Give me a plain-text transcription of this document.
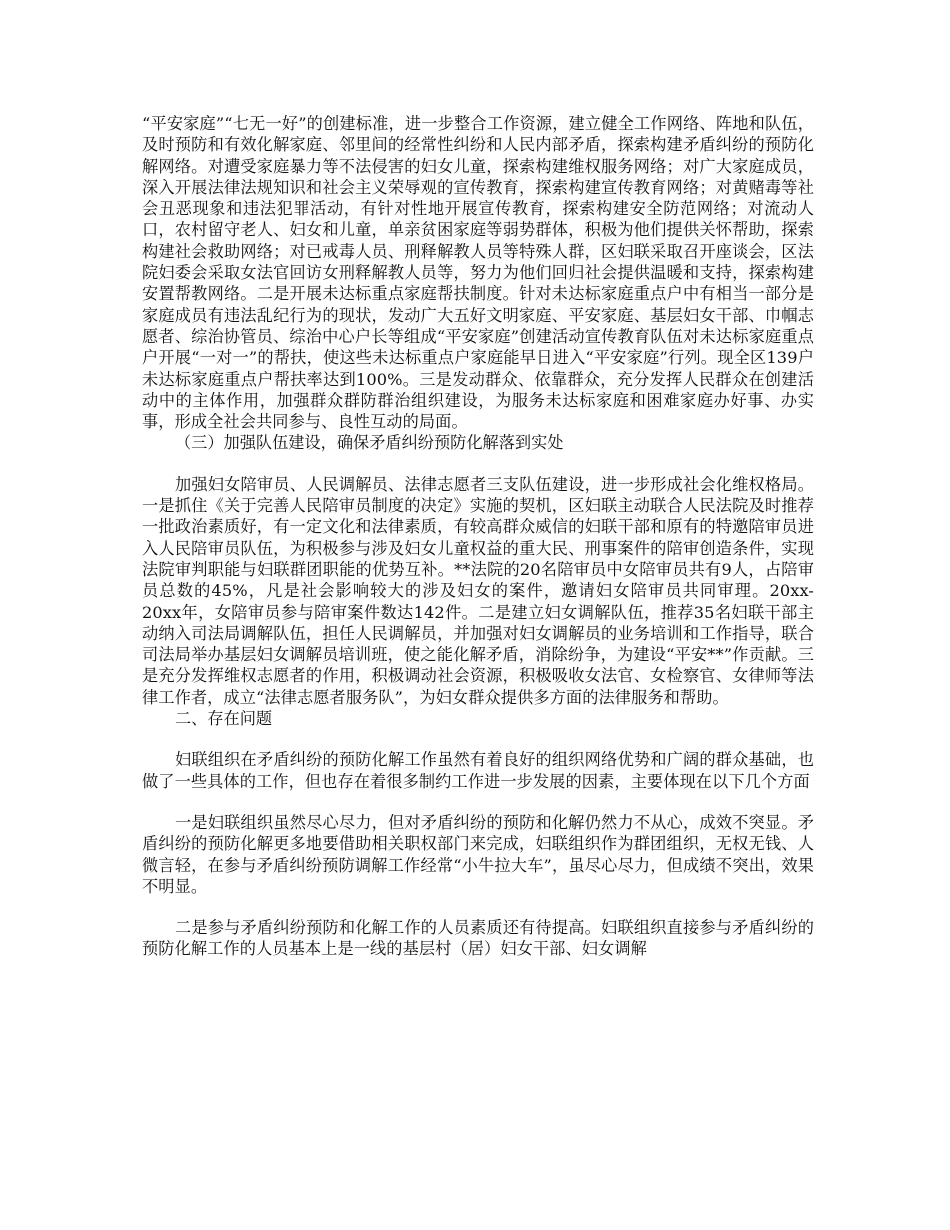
“平安家庭”“七无一好”的创建标准，进一步整合工作资源，建立健全工作网络、阵地和队伍，及时预防和有效化解家庭、邻里间的经常性纠纷和人民内部矛盾，探索构建矛盾纠纷的预防化解网络。对遭受家庭暴力等不法侵害的妇女儿童，探索构建维权服务网络；对广大家庭成员，深入开展法律法规知识和社会主义荣辱观的宣传教育，探索构建宣传教育网络；对黄赌毒等社会丑恶现象和违法犯罪活动，有针对性地开展宣传教育，探索构建安全防范网络；对流动人口，农村留守老人、妇女和儿童，单亲贫困家庭等弱势群体，积极为他们提供关怀帮助，探索构建社会救助网络；对已戒毒人员、刑释解教人员等特殊人群，区妇联采取召开座谈会，区法院妇委会采取女法官回访女刑释解教人员等，努力为他们回归社会提供温暖和支持，探索构建安置帮教网络。二是开展未达标重点家庭帮扶制度。针对未达标家庭重点户中有相当一部分是家庭成员有违法乱纪行为的现状，发动广大五好文明家庭、平安家庭、基层妇女干部、巾帼志愿者、综治协管员、综治中心户长等组成“平安家庭”创建活动宣传教育队伍对未达标家庭重点户开展“一对一”的帮扶，使这些未达标重点户家庭能早日进入“平安家庭”行列。现全区139户未达标家庭重点户帮扶率达到100%。三是发动群众、依靠群众，充分发挥人民群众在创建活动中的主体作用，加强群众群防群治组织建设，为服务未达标家庭和困难家庭办好事、办实事，形成全社会共同参与、良性互动的局面。

（三）加强队伍建设，确保矛盾纠纷预防化解落到实处

加强妇女陪审员、人民调解员、法律志愿者三支队伍建设，进一步形成社会化维权格局。一是抓住《关于完善人民陪审员制度的决定》实施的契机，区妇联主动联合人民法院及时推荐一批政治素质好，有一定文化和法律素质，有较高群众威信的妇联干部和原有的特邀陪审员进入人民陪审员队伍，为积极参与涉及妇女儿童权益的重大民、刑事案件的陪审创造条件，实现法院审判职能与妇联群团职能的优势互补。**法院的20名陪审员中女陪审员共有9人，占陪审员总数的45%，凡是社会影响较大的涉及妇女的案件，邀请妇女陪审员共同审理。20xx-20xx年，女陪审员参与陪审案件数达142件。二是建立妇女调解队伍，推荐35名妇联干部主动纳入司法局调解队伍，担任人民调解员，并加强对妇女调解员的业务培训和工作指导，联合司法局举办基层妇女调解员培训班，使之能化解矛盾，消除纷争，为建设“平安**”作贡献。三是充分发挥维权志愿者的作用，积极调动社会资源，积极吸收女法官、女检察官、女律师等法律工作者，成立“法律志愿者服务队”，为妇女群众提供多方面的法律服务和帮助。

二、存在问题

妇联组织在矛盾纠纷的预防化解工作虽然有着良好的组织网络优势和广阔的群众基础，也做了一些具体的工作，但也存在着很多制约工作进一步发展的因素，主要体现在以下几个方面

一是妇联组织虽然尽心尽力，但对矛盾纠纷的预防和化解仍然力不从心，成效不突显。矛盾纠纷的预防化解更多地要借助相关职权部门来完成，妇联组织作为群团组织，无权无钱、人微言轻，在参与矛盾纠纷预防调解工作经常“小牛拉大车”，虽尽心尽力，但成绩不突出，效果不明显。

二是参与矛盾纠纷预防和化解工作的人员素质还有待提高。妇联组织直接参与矛盾纠纷的预防化解工作的人员基本上是一线的基层村（居）妇女干部、妇女调解
